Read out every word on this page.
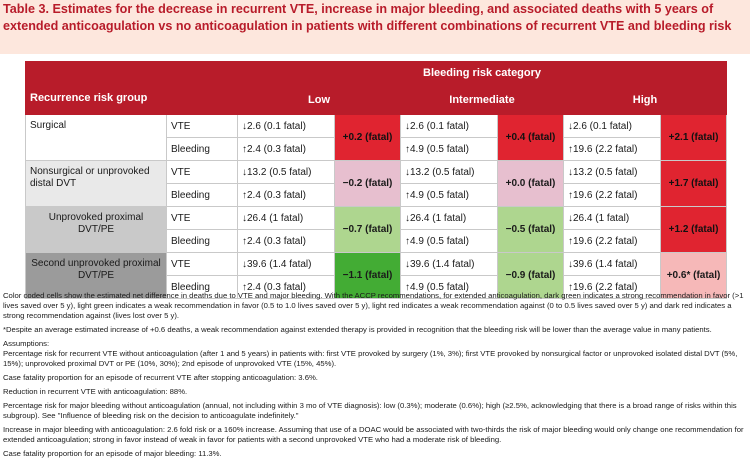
Table 3. Estimates for the decrease in recurrent VTE, increase in major bleeding, and associated deaths with 5 years of extended anticoagulation vs no anticoagulation in patients with different combinations of recurrent VTE and bleeding risk
		Bleeding risk category					
Recurrence risk group		Low		Intermediate		High	
Surgical	VTE	↓2.6 (0.1 fatal)	+0.2 (fatal)	↓2.6 (0.1 fatal)	+0.4 (fatal)	↓2.6 (0.1 fatal)	+2.1 (fatal)
	Bleeding	↑2.4 (0.3 fatal)		↑4.9 (0.5 fatal)		↑19.6 (2.2 fatal)	
Nonsurgical or unprovoked distal DVT	VTE	↓13.2 (0.5 fatal)	−0.2 (fatal)	↓13.2 (0.5 fatal)	+0.0 (fatal)	↓13.2 (0.5 fatal)	+1.7 (fatal)
	Bleeding	↑2.4 (0.3 fatal)		↑4.9 (0.5 fatal)		↑19.6 (2.2 fatal)	
Unprovoked proximal DVT/PE	VTE	↓26.4 (1 fatal)	−0.7 (fatal)	↓26.4 (1 fatal)	−0.5 (fatal)	↓26.4 (1 fatal)	+1.2 (fatal)
	Bleeding	↑2.4 (0.3 fatal)		↑4.9 (0.5 fatal)		↑19.6 (2.2 fatal)	
Second unprovoked proximal DVT/PE	VTE	↓39.6 (1.4 fatal)	−1.1 (fatal)	↓39.6 (1.4 fatal)	−0.9 (fatal)	↓39.6 (1.4 fatal)	+0.6* (fatal)
	Bleeding	↑2.4 (0.3 fatal)		↑4.9 (0.5 fatal)		↑19.6 (2.2 fatal)	

Color coded cells show the estimated net difference in deaths due to VTE and major bleeding. With the ACCP recommendations, for extended anticoagulation, dark green indicates a strong recommendation in favor (>1 lives saved over 5 y), light green indicates a weak recommendation in favor (0.5 to 1.0 lives saved over 5 y), light red indicates a weak recommendation against (0 to 0.5 lives saved over 5 y) and dark red indicates a strong recommendation against (lives lost over 5 y).

*Despite an average estimated increase of +0.6 deaths, a weak recommendation against extended therapy is provided in recognition that the bleeding risk will be lower than the average value in many patients.

Assumptions:

Percentage risk for recurrent VTE without anticoagulation (after 1 and 5 years) in patients with: first VTE provoked by surgery (1%, 3%); first VTE provoked by nonsurgical factor or unprovoked isolated distal DVT (5%, 15%); unprovoked proximal DVT or PE (10%, 30%); 2nd episode of unprovoked VTE (15%, 45%).

Case fatality proportion for an episode of recurrent VTE after stopping anticoagulation: 3.6%.

Reduction in recurrent VTE with anticoagulation: 88%.

Percentage risk for major bleeding without anticoagulation (annual, not including within 3 mo of VTE diagnosis): low (0.3%); moderate (0.6%); high (≥2.5%, acknowledging that there is a broad range of risks within this subgroup). See "Influence of bleeding risk on the decision to anticoagulate indefinitely."

Increase in major bleeding with anticoagulation: 2.6 fold risk or a 160% increase. Assuming that use of a DOAC would be associated with two-thirds the risk of major bleeding would only change one recommendation for extended anticoagulation; strong in favor instead of weak in favor for patients with a second unprovoked VTE who had a moderate risk of bleeding.

Case fatality proportion for an episode of major bleeding: 11.3%.
